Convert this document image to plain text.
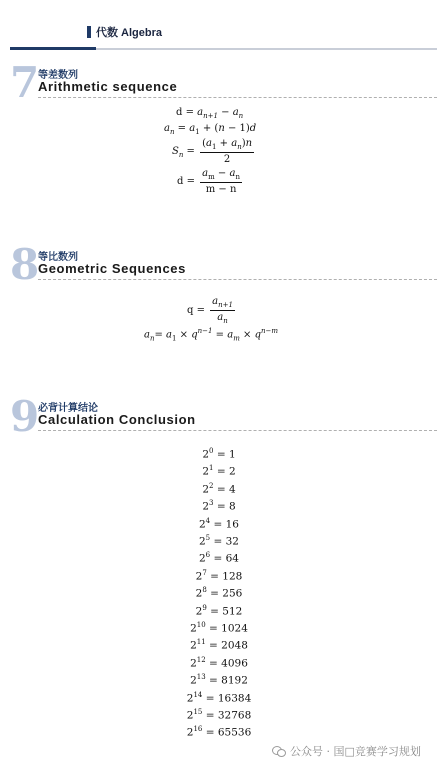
代数 Algebra
7
等差数列
Arithmetic sequence
$d = a_{n+1} - a_n$
$a_n = a_1 + (n - 1)d$
$S_n = \frac{(a_1 + a_n)n}{2}$
$d = \frac{a_m - a_n}{m - n}$
8
等比数列
Geometric Sequences
$q = \frac{a_{n+1}}{a_n}$
$a_n= a_1 \times q^{n-1} = a_m \times q^{n-m}$
9
必背计算结论
Calculation Conclusion
$2^0 = 1$
$2^1 = 2$
$2^2 = 4$
$2^3 = 8$
$2^4 = 16$
$2^5 = 32$
$2^6 = 64$
$2^7 = 128$
$2^8 = 256$
$2^9 = 512$
$2^{10} = 1024$
$2^{11} = 2048$
$2^{12} = 4096$
$2^{13} = 8192$
$2^{14} = 16384$
$2^{15} = 32768$
$2^{16} = 65536$
公众号 · 国□竞赛学习规划
